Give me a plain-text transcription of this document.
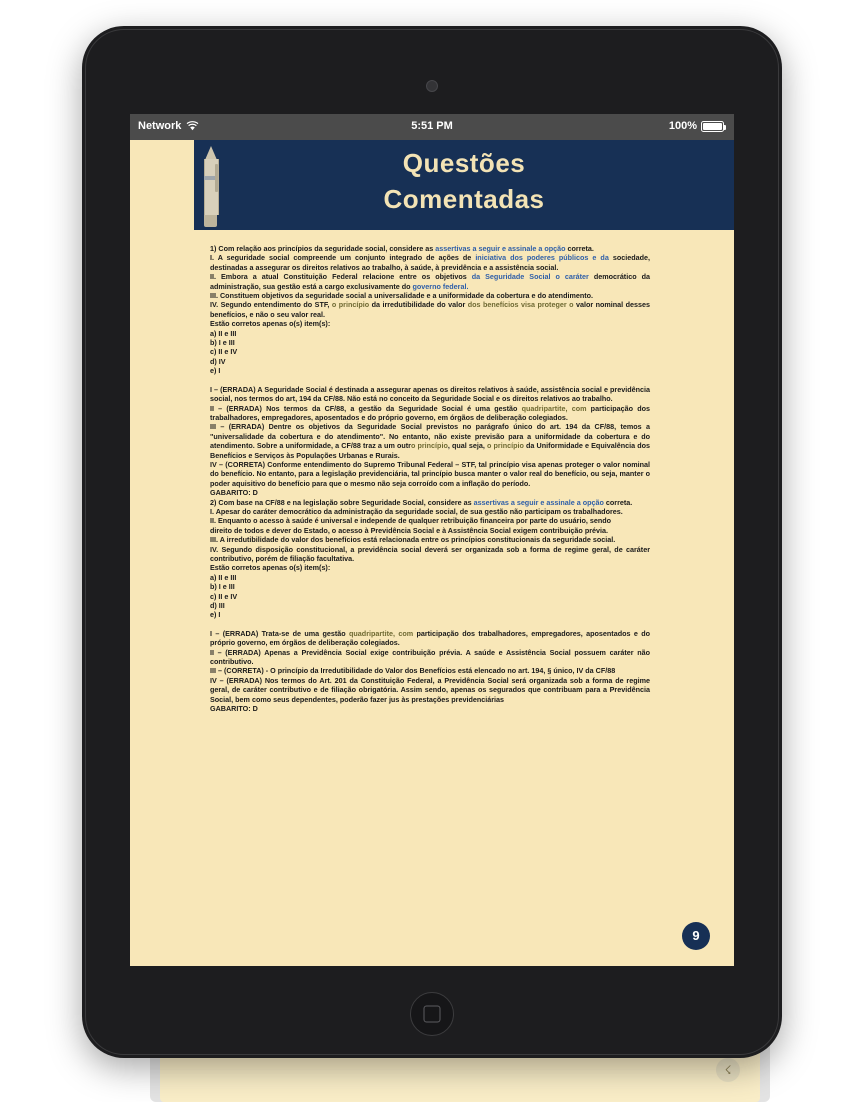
☇
Network	5:51 PM	100%
Questões
Comentadas

1) Com relação aos princípios da seguridade social, considere as assertivas a seguir e assinale a opção correta.

I. A seguridade social compreende um conjunto integrado de ações de iniciativa dos poderes públicos e da sociedade, destinadas a assegurar os direitos relativos ao trabalho, à saúde, à previdência e a assistência social.

II. Embora a atual Constituição Federal relacione entre os objetivos da Seguridade Social o caráter democrático da administração, sua gestão está a cargo exclusivamente do governo federal.

III. Constituem objetivos da seguridade social a universalidade e a uniformidade da cobertura e do atendimento.

IV. Segundo entendimento do STF, o princípio da irredutibilidade do valor dos benefícios visa proteger o valor nominal desses benefícios, e não o seu valor real.

Estão corretos apenas o(s) item(s):

a) II e III

b) I e III

c) II e IV

d) IV

e) I

I – (ERRADA) A Seguridade Social é destinada a assegurar apenas os direitos relativos à saúde, assistência social e previdência social, nos termos do art, 194 da CF/88. Não está no conceito da Seguridade Social e os direitos relativos ao trabalho.

II – (ERRADA) Nos termos da CF/88, a gestão da Seguridade Social é uma gestão quadripartite, com participação dos trabalhadores, empregadores, aposentados e do próprio governo, em órgãos de deliberação colegiados.

III – (ERRADA) Dentre os objetivos da Seguridade Social previstos no parágrafo único do art. 194 da CF/88, temos a "universalidade da cobertura e do atendimento". No entanto, não existe previsão para a uniformidade da cobertura e do atendimento. Sobre a uniformidade, a CF/88 traz a um outro princípio, qual seja, o princípio da Uniformidade e Equivalência dos Benefícios e Serviços às Populações Urbanas e Rurais.

IV – (CORRETA) Conforme entendimento do Supremo Tribunal Federal – STF, tal princípio visa apenas proteger o valor nominal do benefício. No entanto, para a legislação previdenciária, tal princípio busca manter o valor real do benefício, ou seja, manter o poder aquisitivo do benefício para que o mesmo não seja corroído com a inflação do período.

GABARITO: D

2) Com base na CF/88 e na legislação sobre Seguridade Social, considere as assertivas a seguir e assinale a opção correta.

I. Apesar do caráter democrático da administração da seguridade social, de sua gestão não participam os trabalhadores.

II. Enquanto o acesso à saúde é universal e independe de qualquer retribuição financeira por parte do usuário, sendo

direito de todos e dever do Estado, o acesso à Previdência Social e à Assistência Social exigem contribuição prévia.

III. A irredutibilidade do valor dos benefícios está relacionada entre os princípios constitucionais da seguridade social.

IV. Segundo disposição constitucional, a previdência social deverá ser organizada sob a forma de regime geral, de caráter contributivo, porém de filiação facultativa.

Estão corretos apenas o(s) item(s):

a) II e III

b) I e III

c) II e IV

d) III

e) I

I – (ERRADA) Trata-se de uma gestão quadripartite, com participação dos trabalhadores, empregadores, aposentados e do próprio governo, em órgãos de deliberação colegiados.

II – (ERRADA) Apenas a Previdência Social exige contribuição prévia. A saúde e Assistência Social possuem caráter não contributivo.

III – (CORRETA) - O princípio da Irredutibilidade do Valor dos Benefícios está elencado no art. 194, § único, IV da CF/88

IV – (ERRADA) Nos termos do Art. 201 da Constituição Federal, a Previdência Social será organizada sob a forma de regime geral, de caráter contributivo e de filiação obrigatória. Assim sendo, apenas os segurados que contribuam para a Previdência Social, bem como seus dependentes, poderão fazer jus às prestações previdenciárias

GABARITO: D

9
